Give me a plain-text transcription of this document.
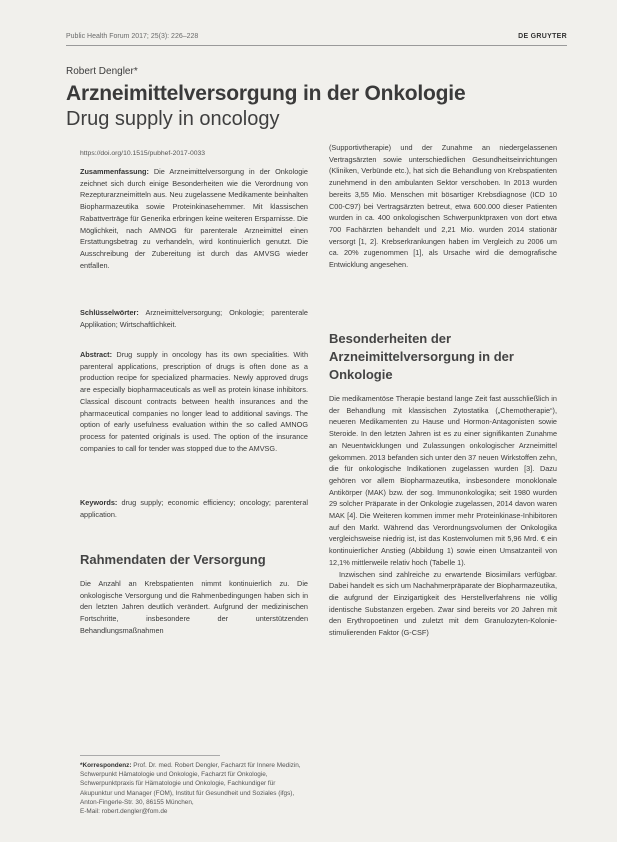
Public Health Forum 2017; 25(3): 226–228	DE GRUYTER
Robert Dengler*
Arzneimittelversorgung in der Onkologie
Drug supply in oncology
https://doi.org/10.1515/pubhef-2017-0033

Zusammenfassung: Die Arzneimittelversorgung in der Onkologie zeichnet sich durch einige Besonderheiten wie die Verordnung von Rezepturarzneimitteln aus. Neu zugelassene Medikamente beinhalten Biopharmazeutika sowie Proteinkinasehemmer. Mit klassischen Rabattverträge für Generika erbringen keine weiteren Ersparnisse. Die Möglichkeit, nach AMNOG für parenterale Arzneimittel einen Erstattungsbetrag zu verhandeln, wird kontinuierlich genutzt. Die Ausschreibung der Zubereitung ist durch das AMVSG wieder entfallen.

Schlüsselwörter: Arzneimittelversorgung; Onkologie; parenterale Applikation; Wirtschaftlichkeit.

Abstract: Drug supply in oncology has its own specialities. With parenteral applications, prescription of drugs is often done as a production recipe for specialized pharmacies. Newly approved drugs are especially biopharmaceuticals as well as protein kinase inhibitors. Classical discount contracts between health insurances and the pharmaceutical companies no longer lead to additional savings. The option of early usefulness evaluation within the so called AMNOG process for patented originals is used. The option of the insurance companies to call for tender was stopped due to the AMVSG.

Keywords: drug supply; economic efficiency; oncology; parenteral application.

Rahmendaten der Versorgung
Die Anzahl an Krebspatienten nimmt kontinuierlich zu. Die onkologische Versorgung und die Rahmenbedingungen haben sich in den letzten Jahren deutlich verändert. Aufgrund der medizinischen Fortschritte, insbesondere der unterstützenden Behandlungsmaßnahmen
*Korrespondenz: Prof. Dr. med. Robert Dengler, Facharzt für Innere Medizin, Schwerpunkt Hämatologie und Onkologie, Facharzt für Onkologie, Schwerpunktpraxis für Hämatologie und Onkologie, Fachkundiger für Akupunktur und Manager (FOM), Institut für Gesundheit und Soziales (ifgs), Anton-Fingerle-Str. 30, 86155 München,
E-Mail: robert.dengler@fom.de
(Supportivtherapie) und der Zunahme an niedergelassenen Vertragsärzten sowie unterschiedlichen Gesundheitseinrichtungen (Kliniken, Verbünde etc.), hat sich die Behandlung von Krebspatienten zunehmend in den ambulanten Sektor verschoben. In 2013 wurden bereits 3,55 Mio. Menschen mit bösartiger Krebsdiagnose (ICD 10 C00-C97) bei Vertragsärzten betreut, etwa 600.000 dieser Patienten wurden in ca. 400 onkologischen Schwerpunktpraxen von dort etwa 700 Fachärzten behandelt und 2,21 Mio. wurden 2014 stationär versorgt [1, 2]. Krebserkrankungen haben im Vergleich zu 2006 um ca. 20% zugenommen [1], als Ursache wird die demografische Entwicklung angesehen.
Besonderheiten der Arzneimittelversorgung in der Onkologie

Die medikamentöse Therapie bestand lange Zeit fast ausschließlich in der Behandlung mit klassischen Zytostatika („Chemotherapie“), neueren Medikamenten zu Hause und Hormon-Antagonisten sowie Steroide. In den letzten Jahren ist es zu einer signifikanten Zunahme an Neuentwicklungen und Zulassungen onkologischer Arzneimittel gekommen. 2013 befanden sich unter den 37 neuen Wirkstoffen zehn, die für onkologische Indikationen zugelassen wurden [3]. Dazu gehören vor allem Biopharmazeutika, insbesondere monoklonale Antikörper (MAK) bzw. der sog. Immunonkologika; seit 1980 wurden 29 solcher Präparate in der Onkologie zugelassen, 2014 davon waren MAK [4]. Die Weiteren kommen immer mehr Proteinkinase-Inhibitoren auf den Markt. Während das Verordnungsvolumen der Onkologika vergleichsweise niedrig ist, ist das Kostenvolumen mit 5,96 Mrd. € ein kontinuierlicher Anstieg (Abbildung 1) sowie einen Umsatzanteil von 12,1% mittlerweile relativ hoch (Tabelle 1).

Inzwischen sind zahlreiche zu erwartende Biosimilars verfügbar. Dabei handelt es sich um Nachahmerpräparate der Biopharmazeutika, die aufgrund der Einzigartigkeit des Herstellverfahrens nie völlig identische Substanzen ergeben. Zwar sind bereits vor 20 Jahren mit den Erythropoetinen und zuletzt mit dem Granulozyten-Kolonie-stimulierenden Faktor (G-CSF)
